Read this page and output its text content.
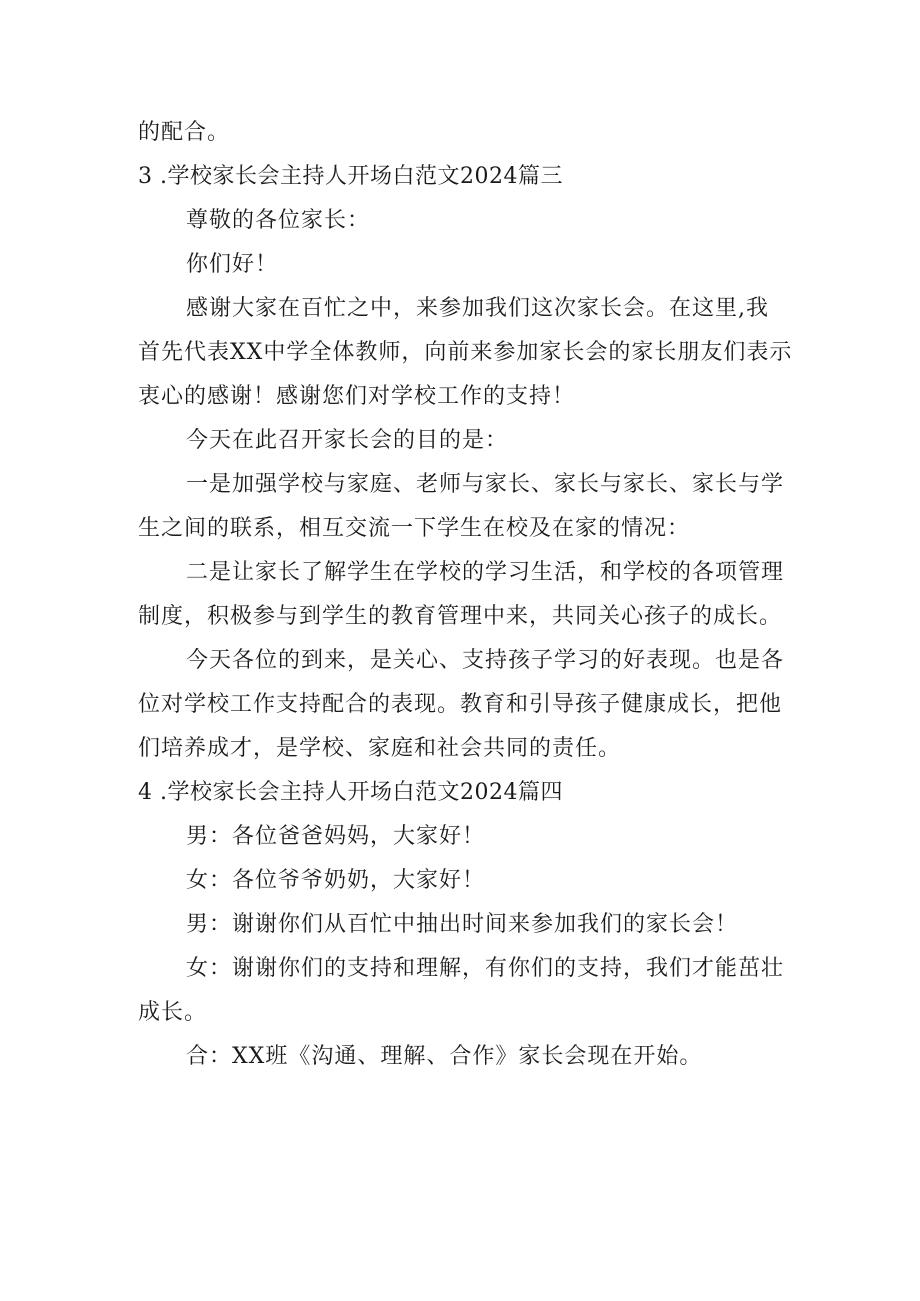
的配合。
3 .学校家长会主持人开场白范文2024篇三
尊敬的各位家长：
你们好！
感谢大家在百忙之中，来参加我们这次家长会。在这里,我
首先代表XX中学全体教师，向前来参加家长会的家长朋友们表示
衷心的感谢！感谢您们对学校工作的支持！
今天在此召开家长会的目的是：
一是加强学校与家庭、老师与家长、家长与家长、家长与学
生之间的联系，相互交流一下学生在校及在家的情况：
二是让家长了解学生在学校的学习生活，和学校的各项管理
制度，积极参与到学生的教育管理中来，共同关心孩子的成长。
今天各位的到来，是关心、支持孩子学习的好表现。也是各
位对学校工作支持配合的表现。教育和引导孩子健康成长，把他
们培养成才，是学校、家庭和社会共同的责任。
4 .学校家长会主持人开场白范文2024篇四
男：各位爸爸妈妈，大家好！
女：各位爷爷奶奶，大家好！
男：谢谢你们从百忙中抽出时间来参加我们的家长会！
女：谢谢你们的支持和理解，有你们的支持，我们才能茁壮
成长。
合：XX班《沟通、理解、合作》家长会现在开始。
